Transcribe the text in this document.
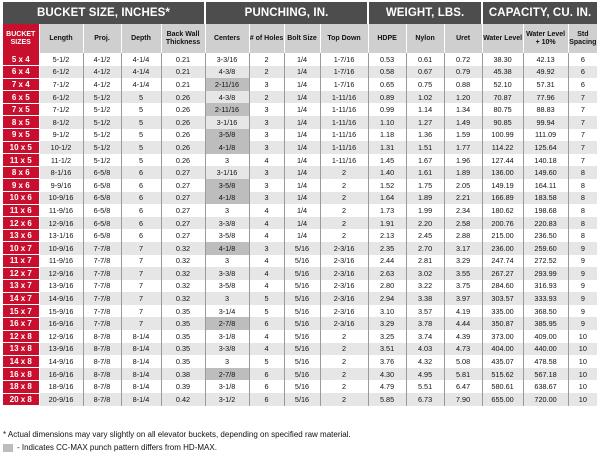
BUCKET SIZE, INCHES*					PUNCHING, IN.				WEIGHT, LBS.			CAPACITY, CU. IN.		

BUCKET SIZES	Length	Proj.	Depth	Back Wall Thickness	Centers	# of Holes	Bolt Size	Top Down	HDPE	Nylon	Uret	Water Level	Water Level + 10%	Std Spacing

5 x 4	5-1/2	4-1/2	4-1/4	0.21	3-3/16	2	1/4	1-7/16	0.53	0.61	0.72	38.30	42.13	6
6 x 4	6-1/2	4-1/2	4-1/4	0.21	4-3/8	2	1/4	1-7/16	0.58	0.67	0.79	45.38	49.92	6
7 x 4	7-1/2	4-1/2	4-1/4	0.21	2-11/16	3	1/4	1-7/16	0.65	0.75	0.88	52.10	57.31	6
6 x 5	6-1/2	5-1/2	5	0.26	4-3/8	2	1/4	1-11/16	0.89	1.02	1.20	70.87	77.96	7
7 x 5	7-1/2	5-1/2	5	0.26	2-11/16	3	1/4	1-11/16	0.99	1.14	1.34	80.75	88.83	7
8 x 5	8-1/2	5-1/2	5	0.26	3-1/16	3	1/4	1-11/16	1.10	1.27	1.49	90.85	99.94	7
9 x 5	9-1/2	5-1/2	5	0.26	3-5/8	3	1/4	1-11/16	1.18	1.36	1.59	100.99	111.09	7
10 x 5	10-1/2	5-1/2	5	0.26	4-1/8	3	1/4	1-11/16	1.31	1.51	1.77	114.22	125.64	7
11 x 5	11-1/2	5-1/2	5	0.26	3	4	1/4	1-11/16	1.45	1.67	1.96	127.44	140.18	7
8 x 6	8-1/16	6-5/8	6	0.27	3-1/16	3	1/4	2	1.40	1.61	1.89	136.00	149.60	8
9 x 6	9-9/16	6-5/8	6	0.27	3-5/8	3	1/4	2	1.52	1.75	2.05	149.19	164.11	8
10 x 6	10-9/16	6-5/8	6	0.27	4-1/8	3	1/4	2	1.64	1.89	2.21	166.89	183.58	8
11 x 6	11-9/16	6-5/8	6	0.27	3	4	1/4	2	1.73	1.99	2.34	180.62	198.68	8
12 x 6	12-9/16	6-5/8	6	0.27	3-3/8	4	1/4	2	1.91	2.20	2.58	200.76	220.83	8
13 x 6	13-1/16	6-5/8	6	0.27	3-5/8	4	1/4	2	2.13	2.45	2.88	215.00	236.50	8
10 x 7	10-9/16	7-7/8	7	0.32	4-1/8	3	5/16	2-3/16	2.35	2.70	3.17	236.00	259.60	9
11 x 7	11-9/16	7-7/8	7	0.32	3	4	5/16	2-3/16	2.44	2.81	3.29	247.74	272.52	9
12 x 7	12-9/16	7-7/8	7	0.32	3-3/8	4	5/16	2-3/16	2.63	3.02	3.55	267.27	293.99	9
13 x 7	13-9/16	7-7/8	7	0.32	3-5/8	4	5/16	2-3/16	2.80	3.22	3.75	284.60	316.93	9
14 x 7	14-9/16	7-7/8	7	0.32	3	5	5/16	2-3/16	2.94	3.38	3.97	303.57	333.93	9
15 x 7	15-9/16	7-7/8	7	0.35	3-1/4	5	5/16	2-3/16	3.10	3.57	4.19	335.00	368.50	9
16 x 7	16-9/16	7-7/8	7	0.35	2-7/8	6	5/16	2-3/16	3.29	3.78	4.44	350.87	385.95	9
12 x 8	12-9/16	8-7/8	8-1/4	0.35	3-1/8	4	5/16	2	3.25	3.74	4.39	373.00	409.00	10
13 x 8	13-9/16	8-7/8	8-1/4	0.35	3-3/8	4	5/16	2	3.51	4.03	4.73	404.00	440.00	10
14 x 8	14-9/16	8-7/8	8-1/4	0.35	3	5	5/16	2	3.76	4.32	5.08	435.07	478.58	10
16 x 8	16-9/16	8-7/8	8-1/4	0.38	2-7/8	6	5/16	2	4.30	4.95	5.81	515.62	567.18	10
18 x 8	18-9/16	8-7/8	8-1/4	0.39	3-1/8	6	5/16	2	4.79	5.51	6.47	580.61	638.67	10
20 x 8	20-9/16	8-7/8	8-1/4	0.42	3-1/2	6	5/16	2	5.85	6.73	7.90	655.00	720.00	10
* Actual dimensions may vary slightly on all elevator buckets, depending on specified raw material.
- Indicates CC-MAX punch pattern differs from HD-MAX.
